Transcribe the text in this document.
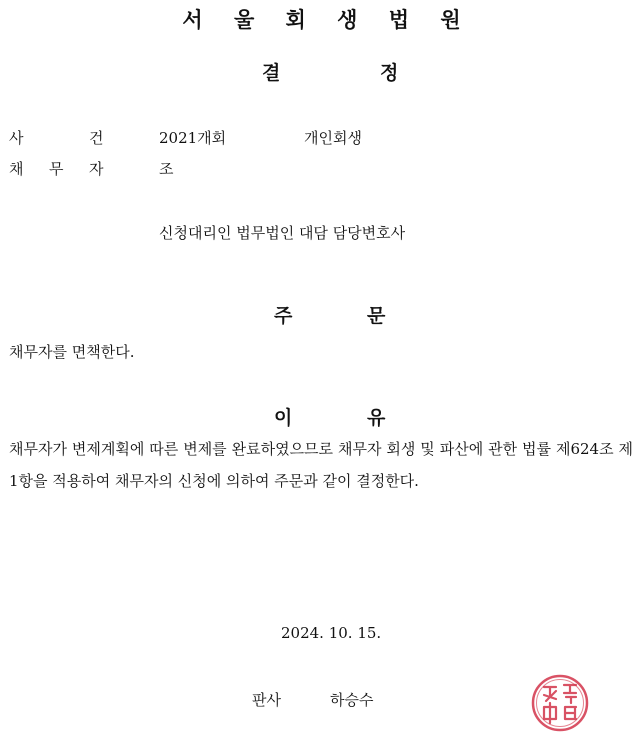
서 울 회 생 법 원
결	정
사	건	2021개회	개인회생
채 무 자	조
신청대리인 법무법인 대담 담당변호사
주	문
채무자를 면책한다.
이	유
채무자가 변제계획에 따른 변제를 완료하였으므로 채무자 회생 및 파산에 관한 법률 제624조 제1항을 적용하여 채무자의 신청에 의하여 주문과 같이 결정한다.
2024. 10. 15.
판사	하승수
